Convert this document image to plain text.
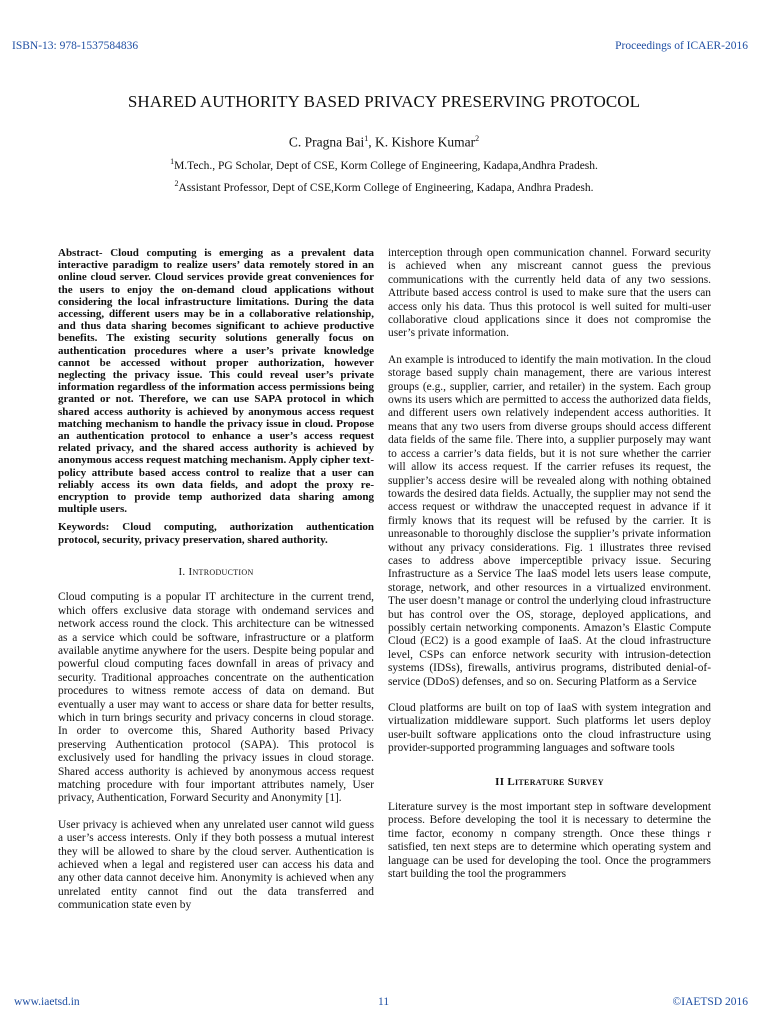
ISBN-13: 978-1537584836	Proceedings of ICAER-2016
SHARED AUTHORITY BASED PRIVACY PRESERVING PROTOCOL
C. Pragna Bai$^1$, K. Kishore Kumar$^2$
$^1$M.Tech., PG Scholar, Dept of CSE, Korm College of Engineering, Kadapa,Andhra Pradesh.
$^2$Assistant Professor, Dept of CSE,Korm College of Engineering, Kadapa, Andhra Pradesh.

Abstract- Cloud computing is emerging as a prevalent data interactive paradigm to realize users’ data remotely stored in an online cloud server. Cloud services provide great conveniences for the users to enjoy the on-demand cloud applications without considering the local infrastructure limitations. During the data accessing, different users may be in a collaborative relationship, and thus data sharing becomes significant to achieve productive benefits. The existing security solutions generally focus on authentication procedures where a user’s private knowledge cannot be accessed without proper authorization, however neglecting the privacy issue. This could reveal user’s private information regardless of the information access permissions being granted or not. Therefore, we can use SAPA protocol in which shared access authority is achieved by anonymous access request matching mechanism to handle the privacy issue in cloud. Propose an authentication protocol to enhance a user’s access request related privacy, and the shared access authority is achieved by anonymous access request matching mechanism. Apply cipher text-policy attribute based access control to realize that a user can reliably access its own data fields, and adopt the proxy re-encryption to provide temp authorized data sharing among multiple users.

Keywords: Cloud computing, authorization authentication protocol, security, privacy preservation, shared authority.

I. Introduction

Cloud computing is a popular IT architecture in the current trend, which offers exclusive data storage with ondemand services and network access round the clock. This architecture can be witnessed as a service which could be software, infrastructure or a platform available anytime anywhere for the users. Despite being popular and powerful cloud computing faces downfall in areas of privacy and security. Traditional approaches concentrate on the authentication procedures to witness remote access of data on demand. But eventually a user may want to access or share data for better results, which in turn brings security and privacy concerns in cloud storage. In order to overcome this, Shared Authority based Privacy preserving Authentication protocol (SAPA). This protocol is exclusively used for handling the privacy issues in cloud storage. Shared access authority is achieved by anonymous access request matching procedure with four important attributes namely, User privacy, Authentication, Forward Security and Anonymity [1].

User privacy is achieved when any unrelated user cannot wild guess a user’s access interests. Only if they both possess a mutual interest they will be allowed to share by the cloud server. Authentication is achieved when a legal and registered user can access his data and any other data cannot deceive him. Anonymity is achieved when any unrelated entity cannot find out the data transferred and communication state even by

interception through open communication channel. Forward security is achieved when any miscreant cannot guess the previous communications with the currently held data of any two sessions. Attribute based access control is used to make sure that the users can access only his data. Thus this protocol is well suited for multi-user collaborative cloud applications since it does not compromise the user’s private information.

An example is introduced to identify the main motivation. In the cloud storage based supply chain management, there are various interest groups (e.g., supplier, carrier, and retailer) in the system. Each group owns its users which are permitted to access the authorized data fields, and different users own relatively independent access authorities. It means that any two users from diverse groups should access different data fields of the same file. There into, a supplier purposely may want to access a carrier’s data fields, but it is not sure whether the carrier will allow its access request. If the carrier refuses its request, the supplier’s access desire will be revealed along with nothing obtained towards the desired data fields. Actually, the supplier may not send the access request or withdraw the unaccepted request in advance if it firmly knows that its request will be refused by the carrier. It is unreasonable to thoroughly disclose the supplier’s private information without any privacy considerations. Fig. 1 illustrates three revised cases to address above imperceptible privacy issue. Securing Infrastructure as a Service The IaaS model lets users lease compute, storage, network, and other resources in a virtualized environment. The user doesn’t manage or control the underlying cloud infrastructure but has control over the OS, storage, deployed applications, and possibly certain networking components. Amazon’s Elastic Compute Cloud (EC2) is a good example of IaaS. At the cloud infrastructure level, CSPs can enforce network security with intrusion-detection systems (IDSs), firewalls, antivirus programs, distributed denial-of-service (DDoS) defenses, and so on. Securing Platform as a Service

Cloud platforms are built on top of IaaS with system integration and virtualization middleware support. Such platforms let users deploy user-built software applications onto the cloud infrastructure using provider-supported programming languages and software tools

II Literature Survey

Literature survey is the most important step in software development process. Before developing the tool it is necessary to determine the time factor, economy n company strength. Once these things r satisfied, ten next steps are to determine which operating system and language can be used for developing the tool. Once the programmers start building the tool the programmers

www.iaetsd.in	11	©IAETSD 2016
